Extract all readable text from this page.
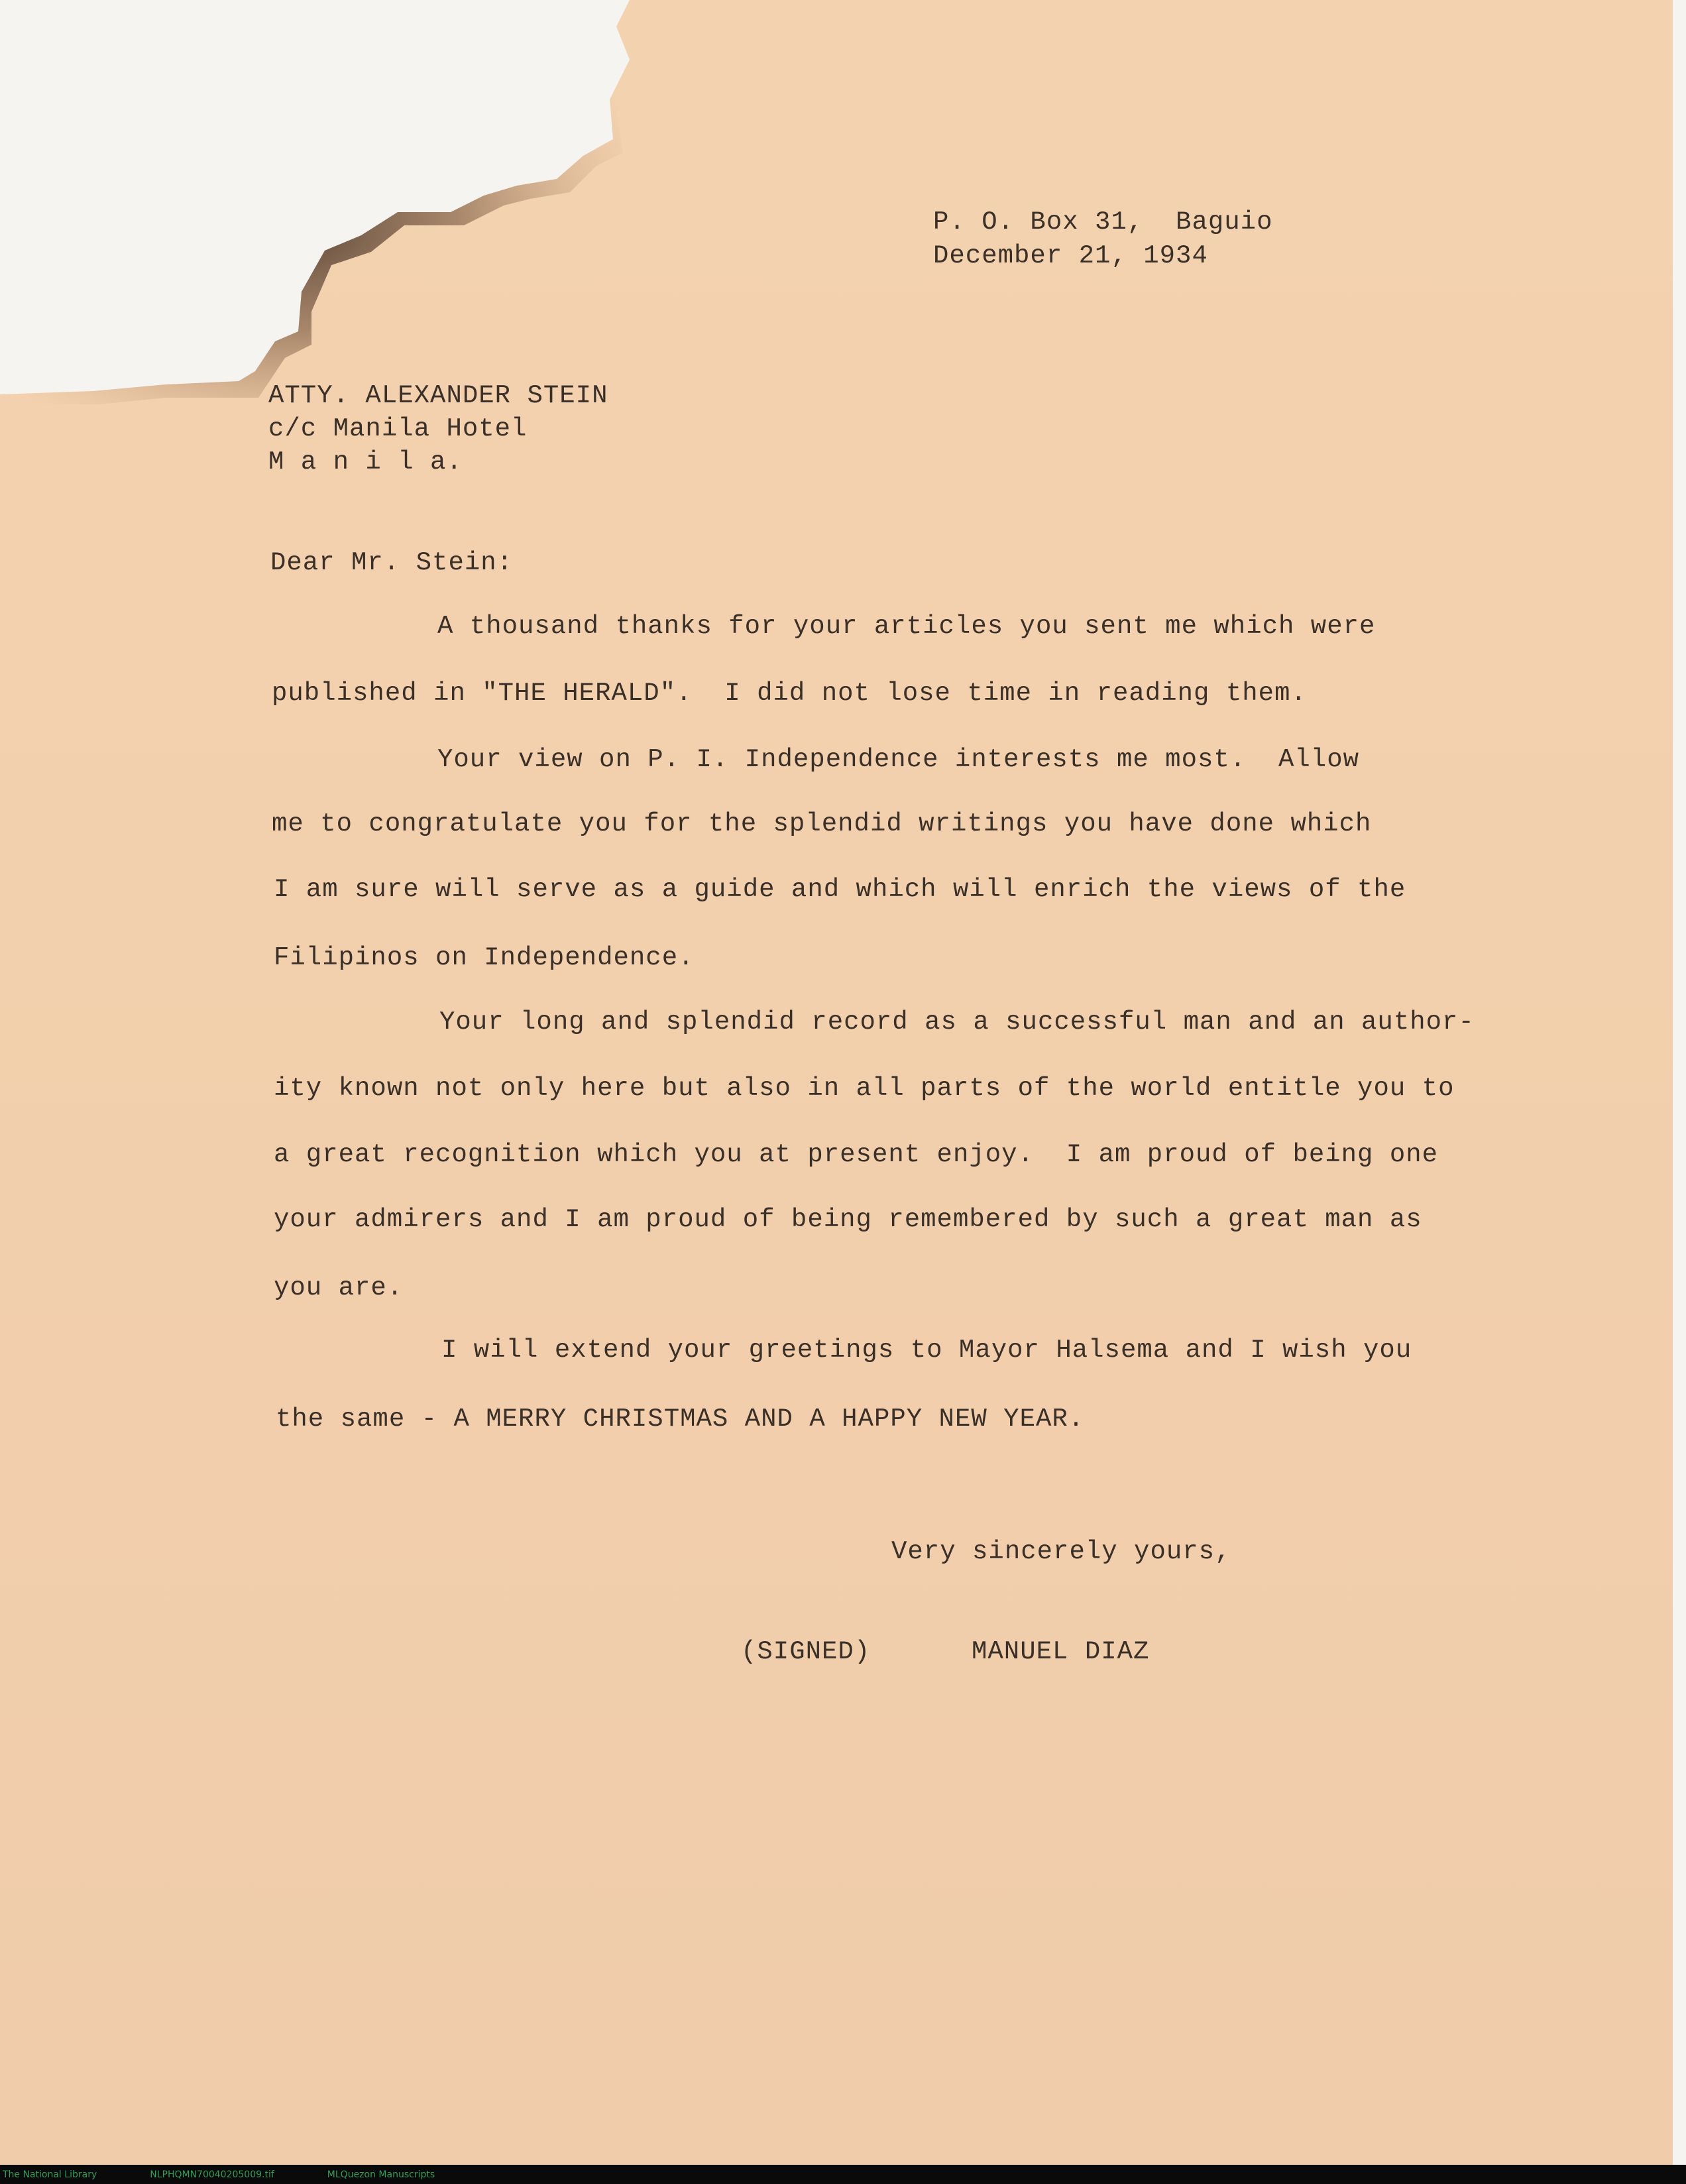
P. O. Box 31,  Baguio
December 21, 1934
ATTY. ALEXANDER STEIN
c/c Manila Hotel
M a n i l a.
Dear Mr. Stein:
A thousand thanks for your articles you sent me which were
published in "THE HERALD".  I did not lose time in reading them.
Your view on P. I. Independence interests me most.  Allow
me to congratulate you for the splendid writings you have done which
I am sure will serve as a guide and which will enrich the views of the
Filipinos on Independence.
Your long and splendid record as a successful man and an author-
ity known not only here but also in all parts of the world entitle you to
a great recognition which you at present enjoy.  I am proud of being one
your admirers and I am proud of being remembered by such a great man as
you are.
I will extend your greetings to Mayor Halsema and I wish you
the same - A MERRY CHRISTMAS AND A HAPPY NEW YEAR.
Very sincerely yours,
(SIGNED)	MANUEL DIAZ
The National Library	NLPHQMN70040205009.tif	MLQuezon Manuscripts
